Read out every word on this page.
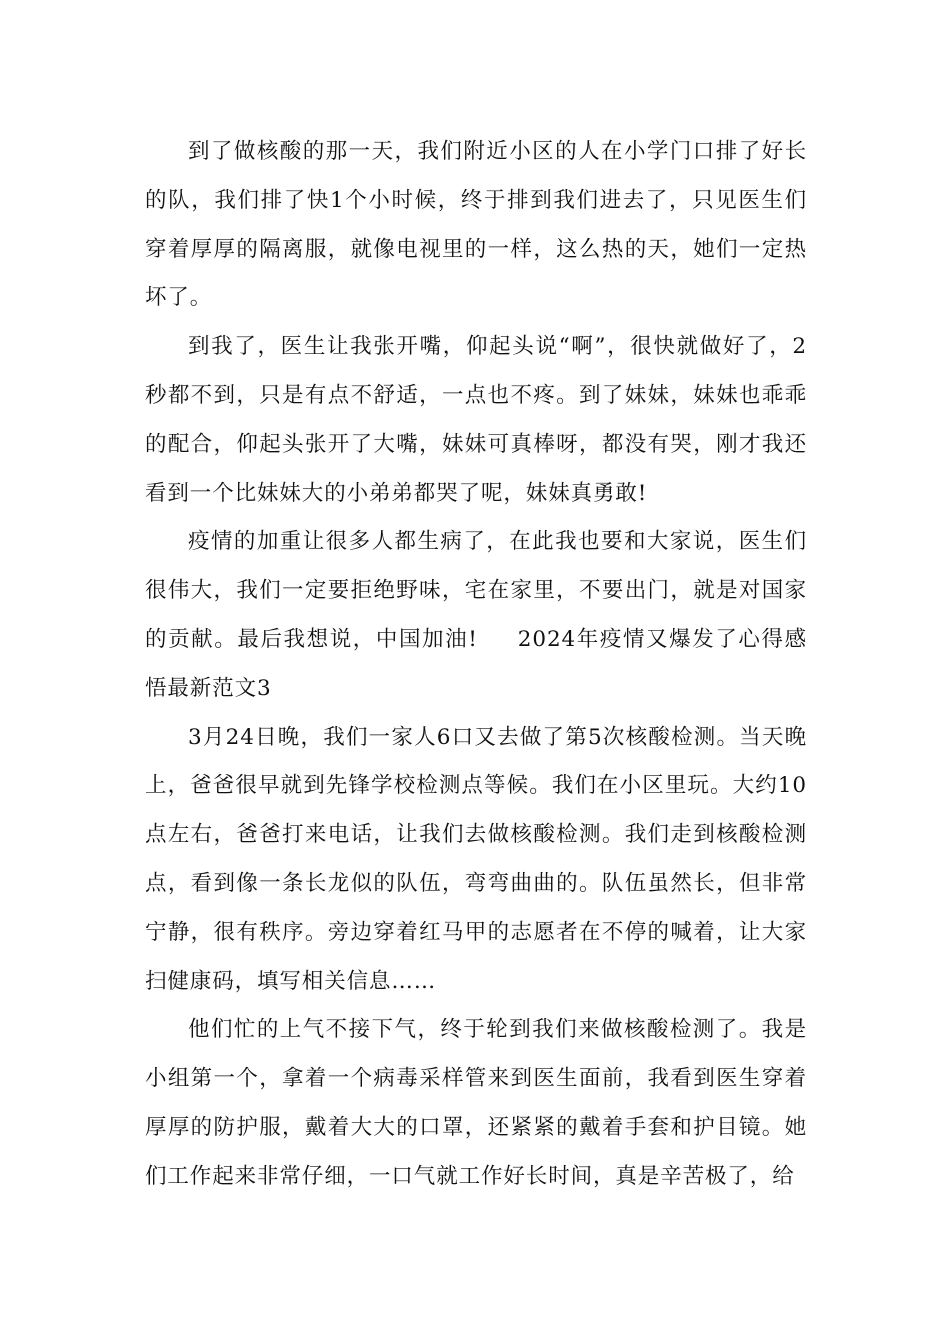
到了做核酸的那一天，我们附近小区的人在小学门口排了好长的队，我们排了快1个小时候，终于排到我们进去了，只见医生们穿着厚厚的隔离服，就像电视里的一样，这么热的天，她们一定热坏了。

到我了，医生让我张开嘴，仰起头说“啊”，很快就做好了，2秒都不到，只是有点不舒适，一点也不疼。到了妹妹，妹妹也乖乖的配合，仰起头张开了大嘴，妹妹可真棒呀，都没有哭，刚才我还看到一个比妹妹大的小弟弟都哭了呢，妹妹真勇敢!

疫情的加重让很多人都生病了，在此我也要和大家说，医生们很伟大，我们一定要拒绝野味，宅在家里，不要出门，就是对国家的贡献。最后我想说，中国加油! 2024年疫情又爆发了心得感悟最新范文3

3月24日晚，我们一家人6口又去做了第5次核酸检测。当天晚上，爸爸很早就到先锋学校检测点等候。我们在小区里玩。大约10点左右，爸爸打来电话，让我们去做核酸检测。我们走到核酸检测点，看到像一条长龙似的队伍，弯弯曲曲的。队伍虽然长，但非常宁静，很有秩序。旁边穿着红马甲的志愿者在不停的喊着，让大家扫健康码，填写相关信息……

他们忙的上气不接下气，终于轮到我们来做核酸检测了。我是小组第一个，拿着一个病毒采样管来到医生面前，我看到医生穿着厚厚的防护服，戴着大大的口罩，还紧紧的戴着手套和护目镜。她们工作起来非常仔细，一口气就工作好长时间，真是辛苦极了，给
